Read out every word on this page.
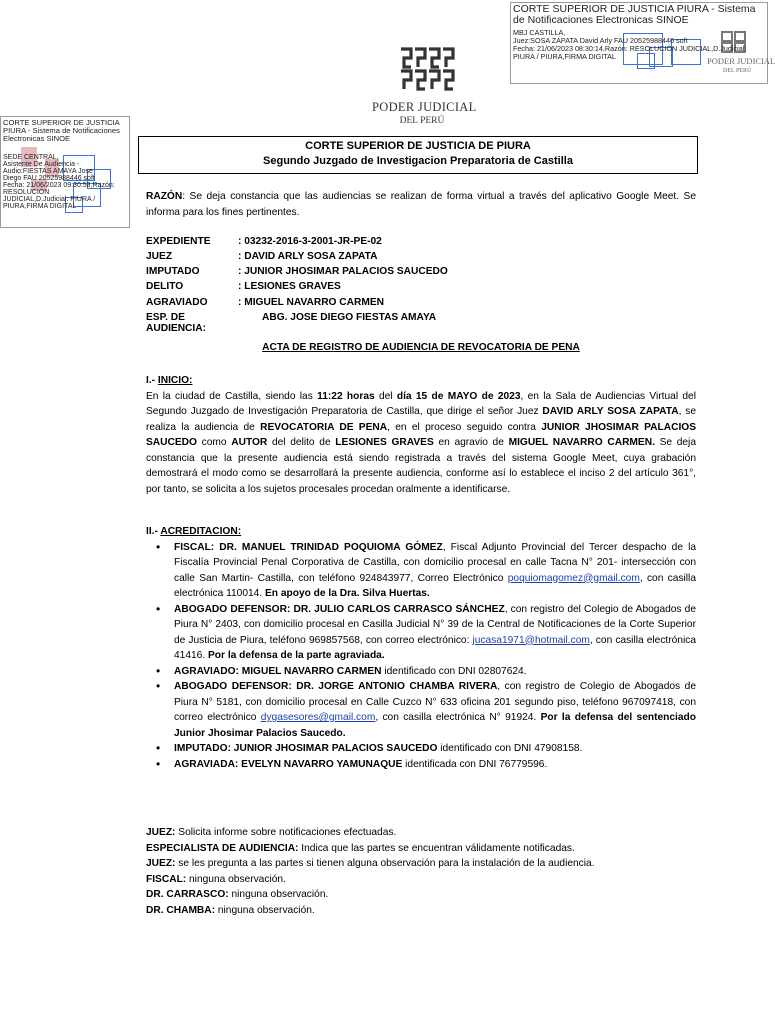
PODER JUDICIAL
DEL PERÚ
CORTE SUPERIOR DE JUSTICIA PIURA - Sistema
de Notificaciones Electronicas SINOE
MBJ CASTILLA,
Juez:SOSA ZAPATA David Arly FAU 20525988446 soft
Fecha: 21/06/2023 08:30:14,Razón: RESOLUCIÓN JUDICIAL,D.Judicial:
PIURA / PIURA,FIRMA DIGITAL
CORTE SUPERIOR DE JUSTICIA
PIURA - Sistema de Notificaciones
Electronicas SINOE
SEDE CENTRAL,
Asistente De Audiencia -
Audio:FIESTAS AMAYA Jose
Diego FAU 20525988446 soft
Fecha: 21/06/2023 09:30:58,Razón:
RESOLUCIÓN
JUDICIAL,D.Judicial: PIURA /
PIURA,FIRMA DIGITAL
PODER JUDICIAL
DEL PERÚ
CORTE SUPERIOR DE JUSTICIA DE PIURA
Segundo Juzgado de Investigacion Preparatoria de Castilla

RAZÓN: Se deja constancia que las audiencias se realizan de forma virtual a través del aplicativo Google Meet. Se informa para los fines pertinentes.

EXPEDIENTE	: 03232-2016-3-2001-JR-PE-02
JUEZ	: DAVID ARLY SOSA ZAPATA
IMPUTADO	: JUNIOR JHOSIMAR PALACIOS SAUCEDO
DELITO	: LESIONES GRAVES
AGRAVIADO	: MIGUEL NAVARRO CARMEN
ESP. DE AUDIENCIA:
ABG. JOSE DIEGO FIESTAS AMAYA
ACTA DE REGISTRO DE AUDIENCIA DE REVOCATORIA DE PENA
I.- INICIO:

En la ciudad de Castilla, siendo las 11:22 horas del día 15 de MAYO de 2023, en la Sala de Audiencias Virtual del Segundo Juzgado de Investigación Preparatoria de Castilla, que dirige el señor Juez DAVID ARLY SOSA ZAPATA, se realiza la audiencia de REVOCATORIA DE PENA, en el proceso seguido contra JUNIOR JHOSIMAR PALACIOS SAUCEDO como AUTOR del delito de LESIONES GRAVES en agravio de MIGUEL NAVARRO CARMEN. Se deja constancia que la presente audiencia está siendo registrada a través del sistema Google Meet, cuya grabación demostrará el modo como se desarrollará la presente audiencia, conforme así lo establece el inciso 2 del artículo 361°, por tanto, se solicita a los sujetos procesales procedan oralmente a identificarse.

II.- ACREDITACION:
• FISCAL: DR. MANUEL TRINIDAD POQUIOMA GÓMEZ, Fiscal Adjunto Provincial del Tercer despacho de la Fiscalía Provincial Penal Corporativa de Castilla, con domicilio procesal en calle Tacna N° 201- intersección con calle San Martin- Castilla, con teléfono 924843977, Correo Electrónico poquiomagomez@gmail.com, con casilla electrónica 110014. En apoyo de la Dra. Silva Huertas.
• ABOGADO DEFENSOR: DR. JULIO CARLOS CARRASCO SÁNCHEZ, con registro del Colegio de Abogados de Piura N° 2403, con domicilio procesal en Casilla Judicial N° 39 de la Central de Notificaciones de la Corte Superior de Justicia de Piura, teléfono 969857568, con correo electrónico: jucasa1971@hotmail.com, con casilla electrónica 41416. Por la defensa de la parte agraviada.
• AGRAVIADO: MIGUEL NAVARRO CARMEN identificado con DNI 02807624.
• ABOGADO DEFENSOR: DR. JORGE ANTONIO CHAMBA RIVERA, con registro de Colegio de Abogados de Piura N° 5181, con domicilio procesal en Calle Cuzco N° 633 oficina 201 segundo piso, teléfono 967097418, con correo electrónico dygasesores@gmail.com, con casilla electrónica N° 91924. Por la defensa del sentenciado Junior Jhosimar Palacios Saucedo.
• IMPUTADO: JUNIOR JHOSIMAR PALACIOS SAUCEDO identificado con DNI 47908158.
• AGRAVIADA: EVELYN NAVARRO YAMUNAQUE identificada con DNI 76779596.

JUEZ: Solicita informe sobre notificaciones efectuadas.

ESPECIALISTA DE AUDIENCIA: Indica que las partes se encuentran válidamente notificadas.

JUEZ: se les pregunta a las partes si tienen alguna observación para la instalación de la audiencia.

FISCAL: ninguna observación.

DR. CARRASCO: ninguna observación.

DR. CHAMBA: ninguna observación.
